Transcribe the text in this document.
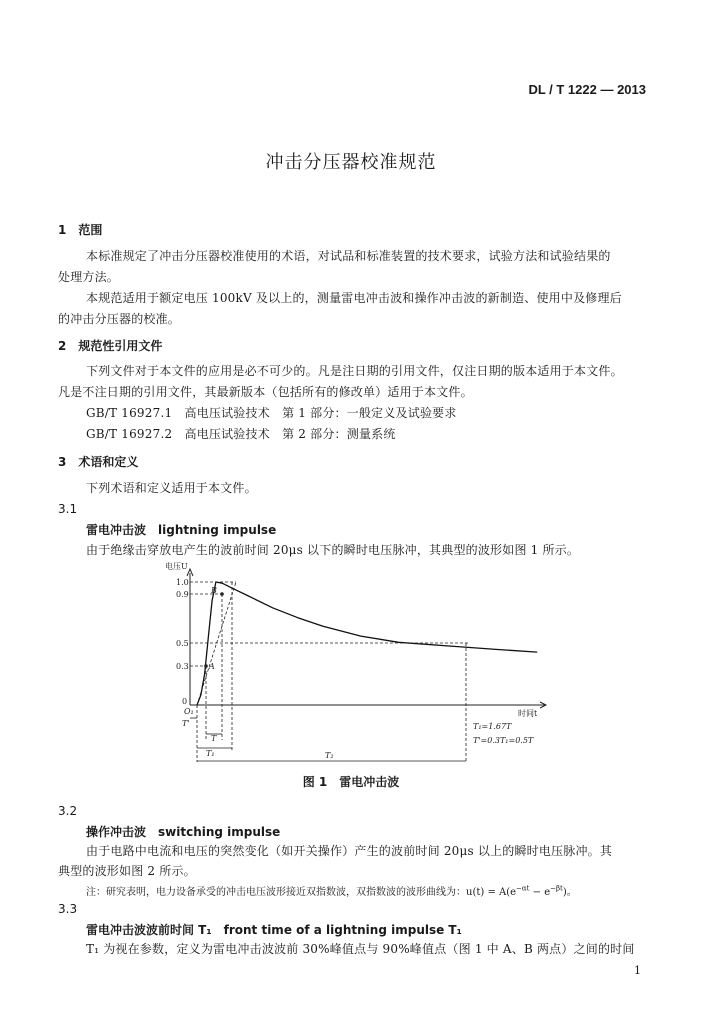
DL / T 1222 — 2013
冲击分压器校准规范
1　范围
本标准规定了冲击分压器校准使用的术语，对试品和标准装置的技术要求，试验方法和试验结果的
处理方法。
本规范适用于额定电压 100kV 及以上的，测量雷电冲击波和操作冲击波的新制造、使用中及修理后
的冲击分压器的校准。
2　规范性引用文件
下列文件对于本文件的应用是必不可少的。凡是注日期的引用文件，仅注日期的版本适用于本文件。
凡是不注日期的引用文件，其最新版本（包括所有的修改单）适用于本文件。
GB/T 16927.1　高电压试验技术　第 1 部分：一般定义及试验要求
GB/T 16927.2　高电压试验技术　第 2 部分：测量系统
3　术语和定义
下列术语和定义适用于本文件。
3.1
雷电冲击波　lightning impulse
由于绝缘击穿放电产生的波前时间 20μs 以下的瞬时电压脉冲，其典型的波形如图 1 所示。
电压U
1.0
0.9
0.5
0.3
0
O₁	时间t
A
B
T'
T
T₁	T₂
T₁=1.67T
T'=0.3T₁=0.5T
图 1　雷电冲击波
3.2
操作冲击波　switching impulse
由于电路中电流和电压的突然变化（如开关操作）产生的波前时间 20μs 以上的瞬时电压脉冲。其
典型的波形如图 2 所示。
注：研究表明，电力设备承受的冲击电压波形接近双指数波，双指数波的波形曲线为：$u(t) = A(e^{-\alpha t} - e^{-\beta t})$。
3.3
雷电冲击波波前时间 T₁　front time of a lightning impulse T₁
T₁ 为视在参数，定义为雷电冲击波波前 30%峰值点与 90%峰值点（图 1 中 A、B 两点）之间的时间
1
